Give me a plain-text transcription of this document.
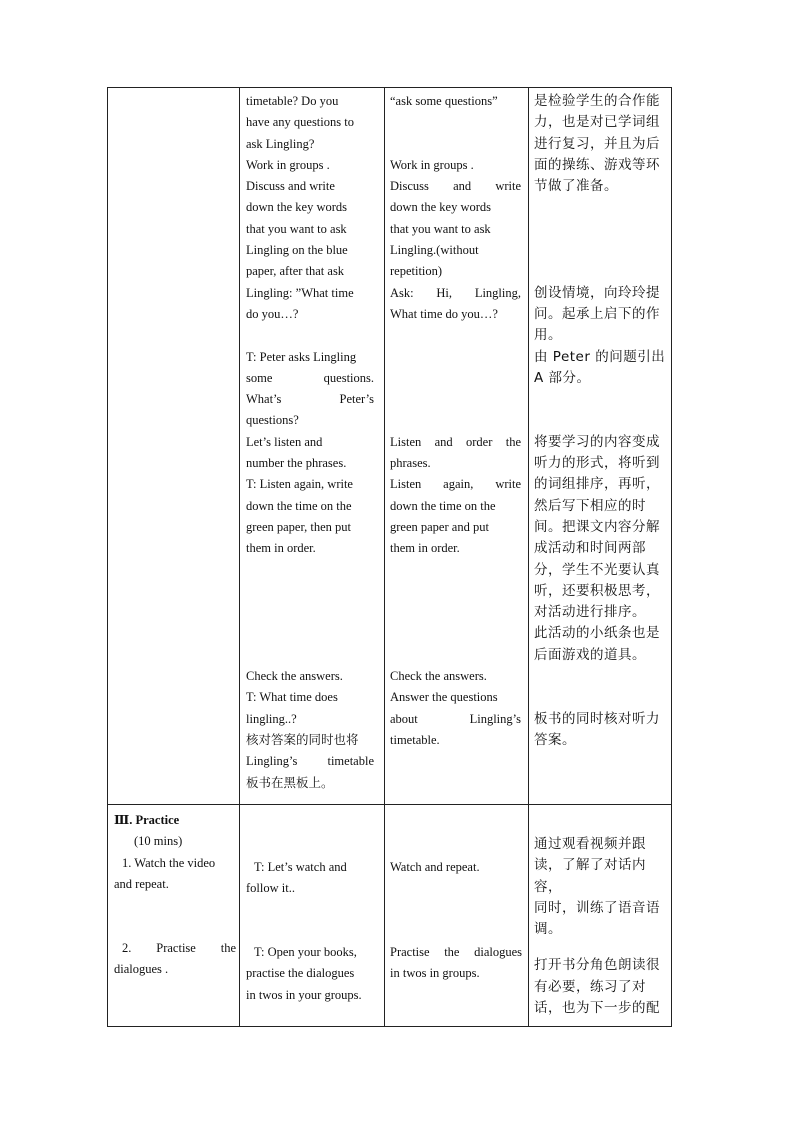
timetable? Do you

have any questions to

ask Lingling?

Work in groups .

Discuss and write

down the key words

that you want to ask

Lingling on the blue

paper, after that ask

Lingling: ”What time

do you…?

T: Peter asks Lingling

some questions.

What’s Peter’s

questions?

Let’s listen and

number the phrases.

T: Listen again, write

down the time on the

green paper, then put

them in order.

Check the answers.

T: What time does

lingling..?

核对答案的同时也将

Lingling’s timetable

板书在黑板上。

“ask some questions”

Work in groups .

Discuss and write

down the key words

that you want to ask

Lingling.(without

repetition)

Ask: Hi, Lingling,

What time do you…?

Listen and order the

phrases.

Listen again, write

down the time on the

green paper and put

them in order.

Check the answers.

Answer the questions

about Lingling’s

timetable.

是检验学生的合作能

力，也是对已学词组

进行复习，并且为后

面的操练、游戏等环

节做了准备。

创设情境，向玲玲提

问。起承上启下的作

用。

由 Peter 的问题引出

A 部分。

将要学习的内容变成

听力的形式，将听到

的词组排序，再听，

然后写下相应的时

间。把课文内容分解

成活动和时间两部

分，学生不光要认真

听，还要积极思考，

对活动进行排序。

此活动的小纸条也是

后面游戏的道具。

板书的同时核对听力

答案。

Ⅲ. Practice

(10 mins)

1. Watch the video

and repeat.

2. Practise the

dialogues .

T: Let’s watch and

follow it..

T: Open your books,

practise the dialogues

in twos in your groups.

Watch and repeat.

Practise the dialogues

in twos in groups.

通过观看视频并跟

读，了解了对话内

容，

同时，训练了语音语

调。

打开书分角色朗读很

有必要，练习了对

话，也为下一步的配
